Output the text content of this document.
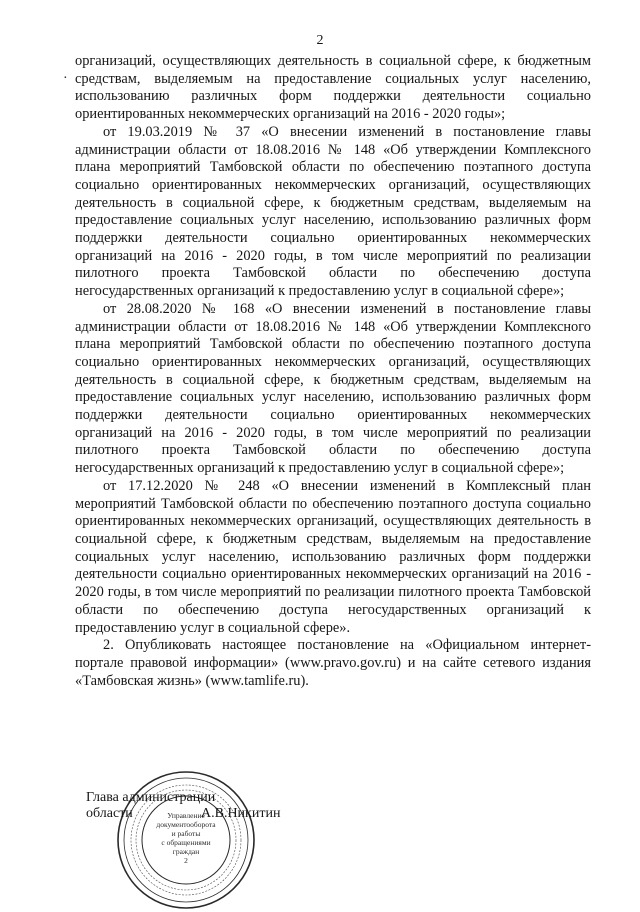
2
·

организаций, осуществляющих деятельность в социальной сфере, к бюджетным средствам, выделяемым на предоставление социальных услуг населению, использованию различных форм поддержки деятельности социально ориентированных некоммерческих организаций на 2016 - 2020 годы»;

от 19.03.2019 № 37 «О внесении изменений в постановление главы администрации области от 18.08.2016 № 148 «Об утверждении Комплексного плана мероприятий Тамбовской области по обеспечению поэтапного доступа социально ориентированных некоммерческих организаций, осуществляющих деятельность в социальной сфере, к бюджетным средствам, выделяемым на предоставление социальных услуг населению, использованию различных форм поддержки деятельности социально ориентированных некоммерческих организаций на 2016 - 2020 годы, в том числе мероприятий по реализации пилотного проекта Тамбовской области по обеспечению доступа негосударственных организаций к предоставлению услуг в социальной сфере»;

от 28.08.2020 № 168 «О внесении изменений в постановление главы администрации области от 18.08.2016 № 148 «Об утверждении Комплексного плана мероприятий Тамбовской области по обеспечению поэтапного доступа социально ориентированных некоммерческих организаций, осуществляющих деятельность в социальной сфере, к бюджетным средствам, выделяемым на предоставление социальных услуг населению, использованию различных форм поддержки деятельности социально ориентированных некоммерческих организаций на 2016 - 2020 годы, в том числе мероприятий по реализации пилотного проекта Тамбовской области по обеспечению доступа негосударственных организаций к предоставлению услуг в социальной сфере»;

от 17.12.2020 № 248 «О внесении изменений в Комплексный план мероприятий Тамбовской области по обеспечению поэтапного доступа социально ориентированных некоммерческих организаций, осуществляющих деятельность в социальной сфере, к бюджетным средствам, выделяемым на предоставление социальных услуг населению, использованию различных форм поддержки деятельности социально ориентированных некоммерческих организаций на 2016 - 2020 годы, в том числе мероприятий по реализации пилотного проекта Тамбовской области по обеспечению доступа негосударственных организаций к предоставлению услуг в социальной сфере».

2. Опубликовать настоящее постановление на «Официальном интернет-портале правовой информации» (www.pravo.gov.ru) и на сайте сетевого издания «Тамбовская жизнь» (www.tamlife.ru).

Управление
документооборота
и работы
с обращениями
граждан
2
Глава администрации
области	А.В.Никитин
